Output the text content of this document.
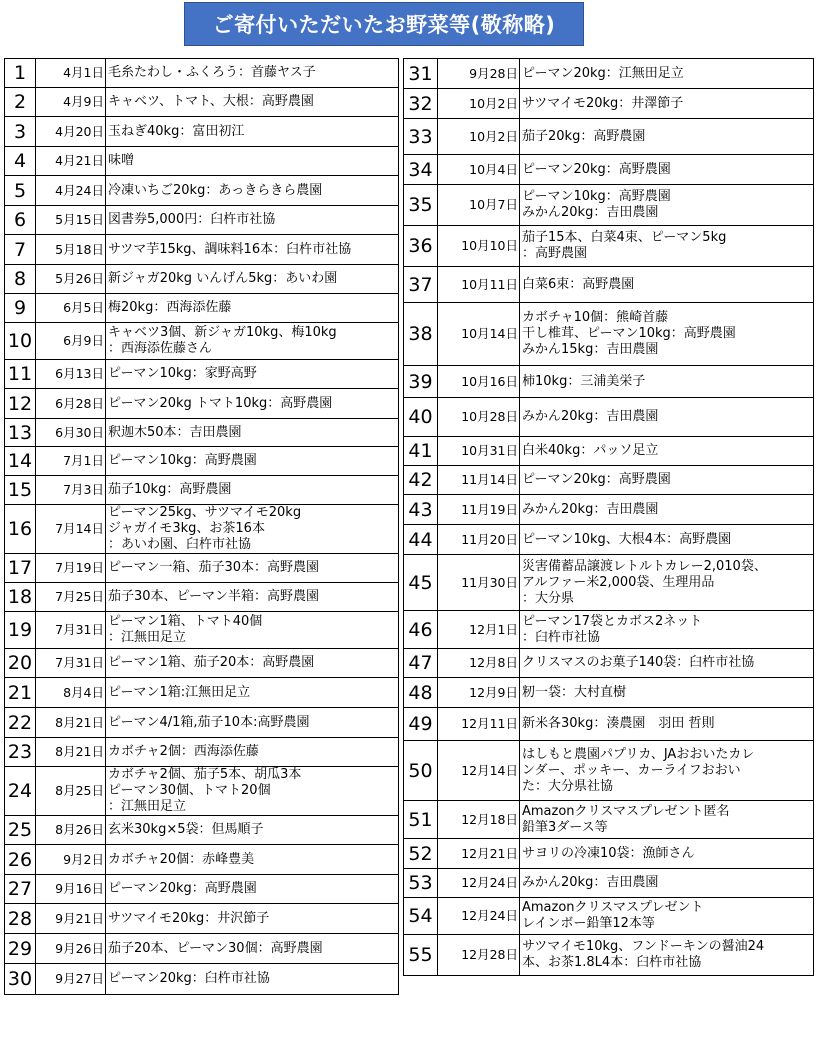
ご寄付いただいたお野菜等(敬称略)
1	4月1日	毛糸たわし・ふくろう：首藤ヤス子

2	4月9日	キャベツ、トマト、大根：高野農園

3	4月20日	玉ねぎ40kg：富田初江

4	4月21日	味噌

5	4月24日	冷凍いちご20kg：あっきらきら農園

6	5月15日	図書券5,000円：臼杵市社協

7	5月18日	サツマ芋15kg、調味料16本：臼杵市社協

8	5月26日	新ジャガ20kg いんげん5kg：あいわ園

9	6月5日	梅20kg：西海添佐藤

10	6月9日	キャベツ3個、新ジャガ10kg、梅10kg
：西海添佐藤さん

11	6月13日	ピーマン10kg：家野高野

12	6月28日	ピーマン20kg トマト10kg：高野農園

13	6月30日	釈迦木50本：吉田農園

14	7月1日	ピーマン10kg：高野農園

15	7月3日	茄子10kg：高野農園

16	7月14日	ピーマン25kg、サツマイモ20kg
ジャガイモ3kg、お茶16本
：あいわ園、臼杵市社協

17	7月19日	ピーマン一箱、茄子30本：高野農園

18	7月25日	茄子30本、ピーマン半箱：高野農園

19	7月31日	ピーマン1箱、トマト40個
：江無田足立

20	7月31日	ピーマン1箱、茄子20本：高野農園

21	8月4日	ピーマン1箱:江無田足立

22	8月21日	ピーマン4/1箱,茄子10本:高野農園

23	8月21日	カボチャ2個：西海添佐藤

24	8月25日	カボチャ2個、茄子5本、胡瓜3本
ピーマン30個、トマト20個
：江無田足立

25	8月26日	玄米30kg×5袋：但馬順子

26	9月2日	カボチャ20個：赤峰豊美

27	9月16日	ピーマン20kg：高野農園

28	9月21日	サツマイモ20kg：井沢節子

29	9月26日	茄子20本、ピーマン30個：高野農園

30	9月27日	ピーマン20kg：臼杵市社協
31	9月28日	ピーマン20kg：江無田足立

32	10月2日	サツマイモ20kg：井澤節子

33	10月2日	茄子20kg：高野農園

34	10月4日	ピーマン20kg：高野農園

35	10月7日	ピーマン10kg：高野農園
みかん20kg：吉田農園

36	10月10日	茄子15本、白菜4束、ピーマン5kg
：高野農園

37	10月11日	白菜6束：高野農園

38	10月14日	カボチャ10個：熊崎首藤
干し椎茸、ピーマン10kg：高野農園
みかん15kg：吉田農園

39	10月16日	柿10kg：三浦美栄子

40	10月28日	みかん20kg：吉田農園

41	10月31日	白米40kg：パッソ足立

42	11月14日	ピーマン20kg：高野農園

43	11月19日	みかん20kg：吉田農園

44	11月20日	ピーマン10kg、大根4本：高野農園

45	11月30日	災害備蓄品譲渡レトルトカレー2,010袋、
アルファー米2,000袋、生理用品
：大分県

46	12月1日	ピーマン17袋とカボス2ネット
：臼杵市社協

47	12月8日	クリスマスのお菓子140袋：臼杵市社協

48	12月9日	籾一袋：大村直樹

49	12月11日	新米各30kg：湊農園　羽田 哲則

50	12月14日	はしもと農園パプリカ、JAおおいたカレ
ンダー、ポッキー、カーライフおおい
た：大分県社協

51	12月18日	Amazonクリスマスプレゼント匿名
鉛筆3ダース等

52	12月21日	サヨリの冷凍10袋：漁師さん

53	12月24日	みかん20kg：吉田農園

54	12月24日	Amazonクリスマスプレゼント
レインボー鉛筆12本等

55	12月28日	サツマイモ10kg、フンドーキンの醤油24
本、お茶1.8L4本：臼杵市社協
